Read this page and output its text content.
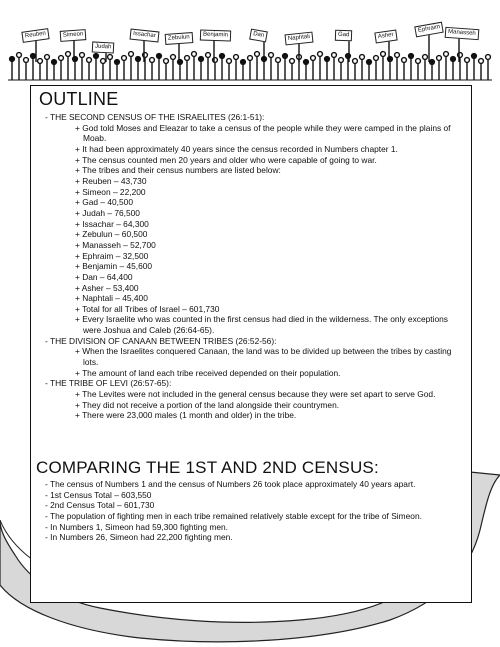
Reuben	Simeon
Judah
Issachar	Zebulun	Benjamin	Dan	Naphtali	Gad	Asher
Ephraim	Manasseh
OUTLINE
- THE SECOND CENSUS OF THE ISRAELITES (26:1-51):
+ God told Moses and Eleazar to take a census of the people while they were camped in the plains of Moab.
+ It had been approximately 40 years since the census recorded in Numbers chapter 1.
+ The census counted men 20 years and older who were capable of going to war.
+ The tribes and their census numbers are listed below:
+ Reuben – 43,730
+ Simeon – 22,200
+ Gad – 40,500
+ Judah – 76,500
+ Issachar – 64,300
+ Zebulun – 60,500
+ Manasseh – 52,700
+ Ephraim – 32,500
+ Benjamin – 45,600
+ Dan – 64,400
+ Asher – 53,400
+ Naphtali – 45,400
+ Total for all Tribes of Israel – 601,730
+ Every Israelite who was counted in the first census had died in the wilderness. The only exceptions were Joshua and Caleb (26:64-65).
- THE DIVISION OF CANAAN BETWEEN TRIBES (26:52-56):
+ When the Israelites conquered Canaan, the land was to be divided up between the tribes by casting lots.
+ The amount of land each tribe received depended on their population.
- THE TRIBE OF LEVI (26:57-65):
+ The Levites were not included in the general census because they were set apart to serve God.
+ They did not receive a portion of the land alongside their countrymen.
+ There were 23,000 males (1 month and older) in the tribe.
COMPARING THE 1ST AND 2ND CENSUS:
- The census of Numbers 1 and the census of Numbers 26 took place approximately 40 years apart.
- 1st Census Total – 603,550
- 2nd Census Total – 601,730
- The population of fighting men in each tribe remained relatively stable except for the tribe of Simeon.
- In Numbers 1, Simeon had 59,300 fighting men.
- In Numbers 26, Simeon had 22,200 fighting men.
